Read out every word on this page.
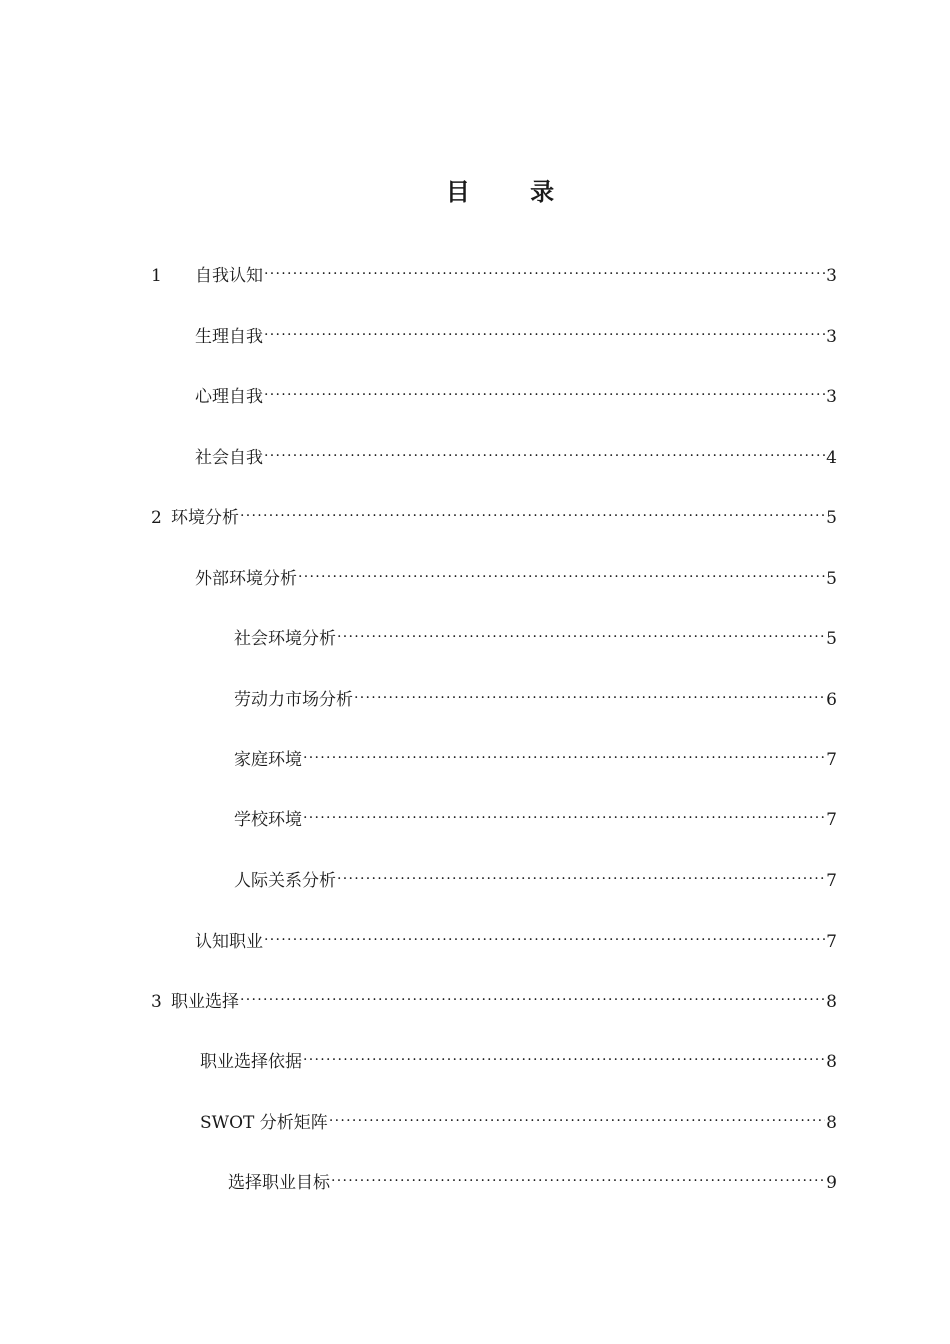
目 录
1	自我认知 .....	3
生理自我 .....	3
心理自我 .....	3
社会自我 .....	4
2 环境分析 .....	5
外部环境分析 .....	5
社会环境分析 .....	5
劳动力市场分析 .....	6
家庭环境 .....	7
学校环境 .....	7
人际关系分析 .....	7
认知职业 .....	7
3 职业选择 .....	8
职业选择依据 .....	8
SWOT 分析矩阵 .....	8
选择职业目标 .....	9
